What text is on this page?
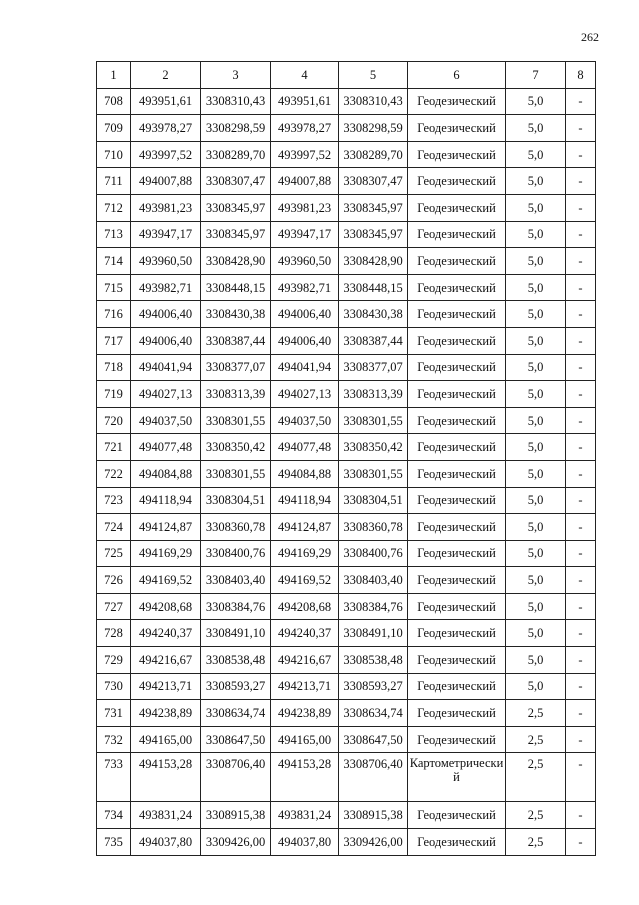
262
1	2	3	4	5	6	7	8
708	493951,61	3308310,43	493951,61	3308310,43	Геодезический	5,0	-
709	493978,27	3308298,59	493978,27	3308298,59	Геодезический	5,0	-
710	493997,52	3308289,70	493997,52	3308289,70	Геодезический	5,0	-
711	494007,88	3308307,47	494007,88	3308307,47	Геодезический	5,0	-
712	493981,23	3308345,97	493981,23	3308345,97	Геодезический	5,0	-
713	493947,17	3308345,97	493947,17	3308345,97	Геодезический	5,0	-
714	493960,50	3308428,90	493960,50	3308428,90	Геодезический	5,0	-
715	493982,71	3308448,15	493982,71	3308448,15	Геодезический	5,0	-
716	494006,40	3308430,38	494006,40	3308430,38	Геодезический	5,0	-
717	494006,40	3308387,44	494006,40	3308387,44	Геодезический	5,0	-
718	494041,94	3308377,07	494041,94	3308377,07	Геодезический	5,0	-
719	494027,13	3308313,39	494027,13	3308313,39	Геодезический	5,0	-
720	494037,50	3308301,55	494037,50	3308301,55	Геодезический	5,0	-
721	494077,48	3308350,42	494077,48	3308350,42	Геодезический	5,0	-
722	494084,88	3308301,55	494084,88	3308301,55	Геодезический	5,0	-
723	494118,94	3308304,51	494118,94	3308304,51	Геодезический	5,0	-
724	494124,87	3308360,78	494124,87	3308360,78	Геодезический	5,0	-
725	494169,29	3308400,76	494169,29	3308400,76	Геодезический	5,0	-
726	494169,52	3308403,40	494169,52	3308403,40	Геодезический	5,0	-
727	494208,68	3308384,76	494208,68	3308384,76	Геодезический	5,0	-
728	494240,37	3308491,10	494240,37	3308491,10	Геодезический	5,0	-
729	494216,67	3308538,48	494216,67	3308538,48	Геодезический	5,0	-
730	494213,71	3308593,27	494213,71	3308593,27	Геодезический	5,0	-
731	494238,89	3308634,74	494238,89	3308634,74	Геодезический	2,5	-
732	494165,00	3308647,50	494165,00	3308647,50	Геодезический	2,5	-
733	494153,28	3308706,40	494153,28	3308706,40	Картометрический	2,5	-
734	493831,24	3308915,38	493831,24	3308915,38	Геодезический	2,5	-
735	494037,80	3309426,00	494037,80	3309426,00	Геодезический	2,5	-
